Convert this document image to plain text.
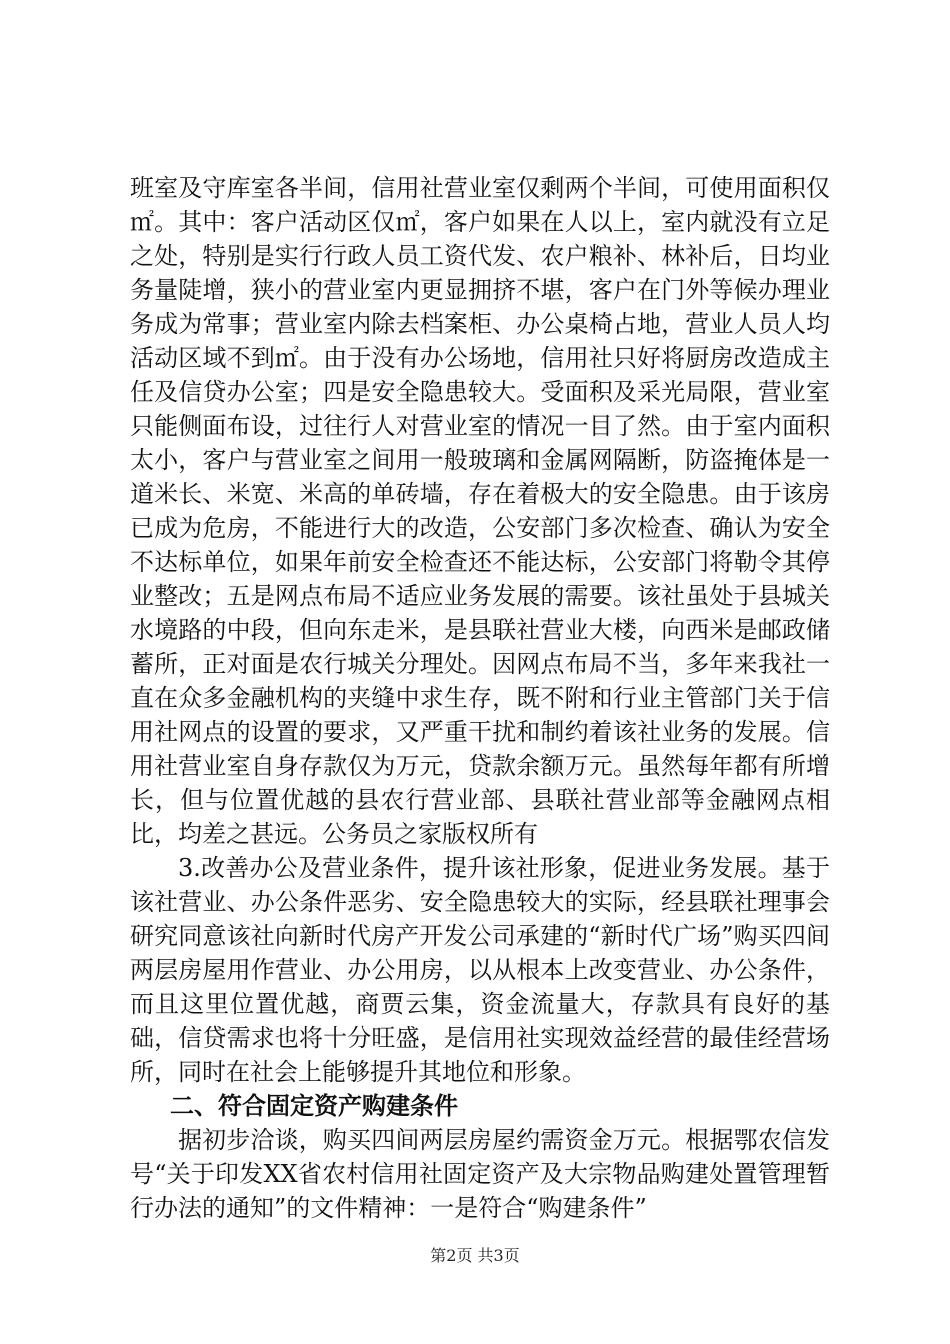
班室及守库室各半间，信用社营业室仅剩两个半间，可使用面积仅㎡。其中：客户活动区仅㎡，客户如果在人以上，室内就没有立足之处，特别是实行行政人员工资代发、农户粮补、林补后，日均业务量陡增，狭小的营业室内更显拥挤不堪，客户在门外等候办理业务成为常事；营业室内除去档案柜、办公桌椅占地，营业人员人均活动区域不到㎡。由于没有办公场地，信用社只好将厨房改造成主任及信贷办公室；四是安全隐患较大。受面积及采光局限，营业室只能侧面布设，过往行人对营业室的情况一目了然。由于室内面积太小，客户与营业室之间用一般玻璃和金属网隔断，防盗掩体是一道米长、米宽、米高的单砖墙，存在着极大的安全隐患。由于该房已成为危房，不能进行大的改造，公安部门多次检查、确认为安全不达标单位，如果年前安全检查还不能达标，公安部门将勒令其停业整改；五是网点布局不适应业务发展的需要。该社虽处于县城关水境路的中段，但向东走米，是县联社营业大楼，向西米是邮政储蓄所，正对面是农行城关分理处。因网点布局不当，多年来我社一直在众多金融机构的夹缝中求生存，既不附和行业主管部门关于信用社网点的设置的要求，又严重干扰和制约着该社业务的发展。信用社营业室自身存款仅为万元，贷款余额万元。虽然每年都有所增长，但与位置优越的县农行营业部、县联社营业部等金融网点相比，均差之甚远。公务员之家版权所有

3.改善办公及营业条件，提升该社形象，促进业务发展。基于该社营业、办公条件恶劣、安全隐患较大的实际，经县联社理事会研究同意该社向新时代房产开发公司承建的“新时代广场”购买四间两层房屋用作营业、办公用房，以从根本上改变营业、办公条件，而且这里位置优越，商贾云集，资金流量大，存款具有良好的基础，信贷需求也将十分旺盛，是信用社实现效益经营的最佳经营场所，同时在社会上能够提升其地位和形象。

二、符合固定资产购建条件

据初步洽谈，购买四间两层房屋约需资金万元。根据鄂农信发号“关于印发XX省农村信用社固定资产及大宗物品购建处置管理暂行办法的通知”的文件精神：一是符合“购建条件”

第2页 共3页
